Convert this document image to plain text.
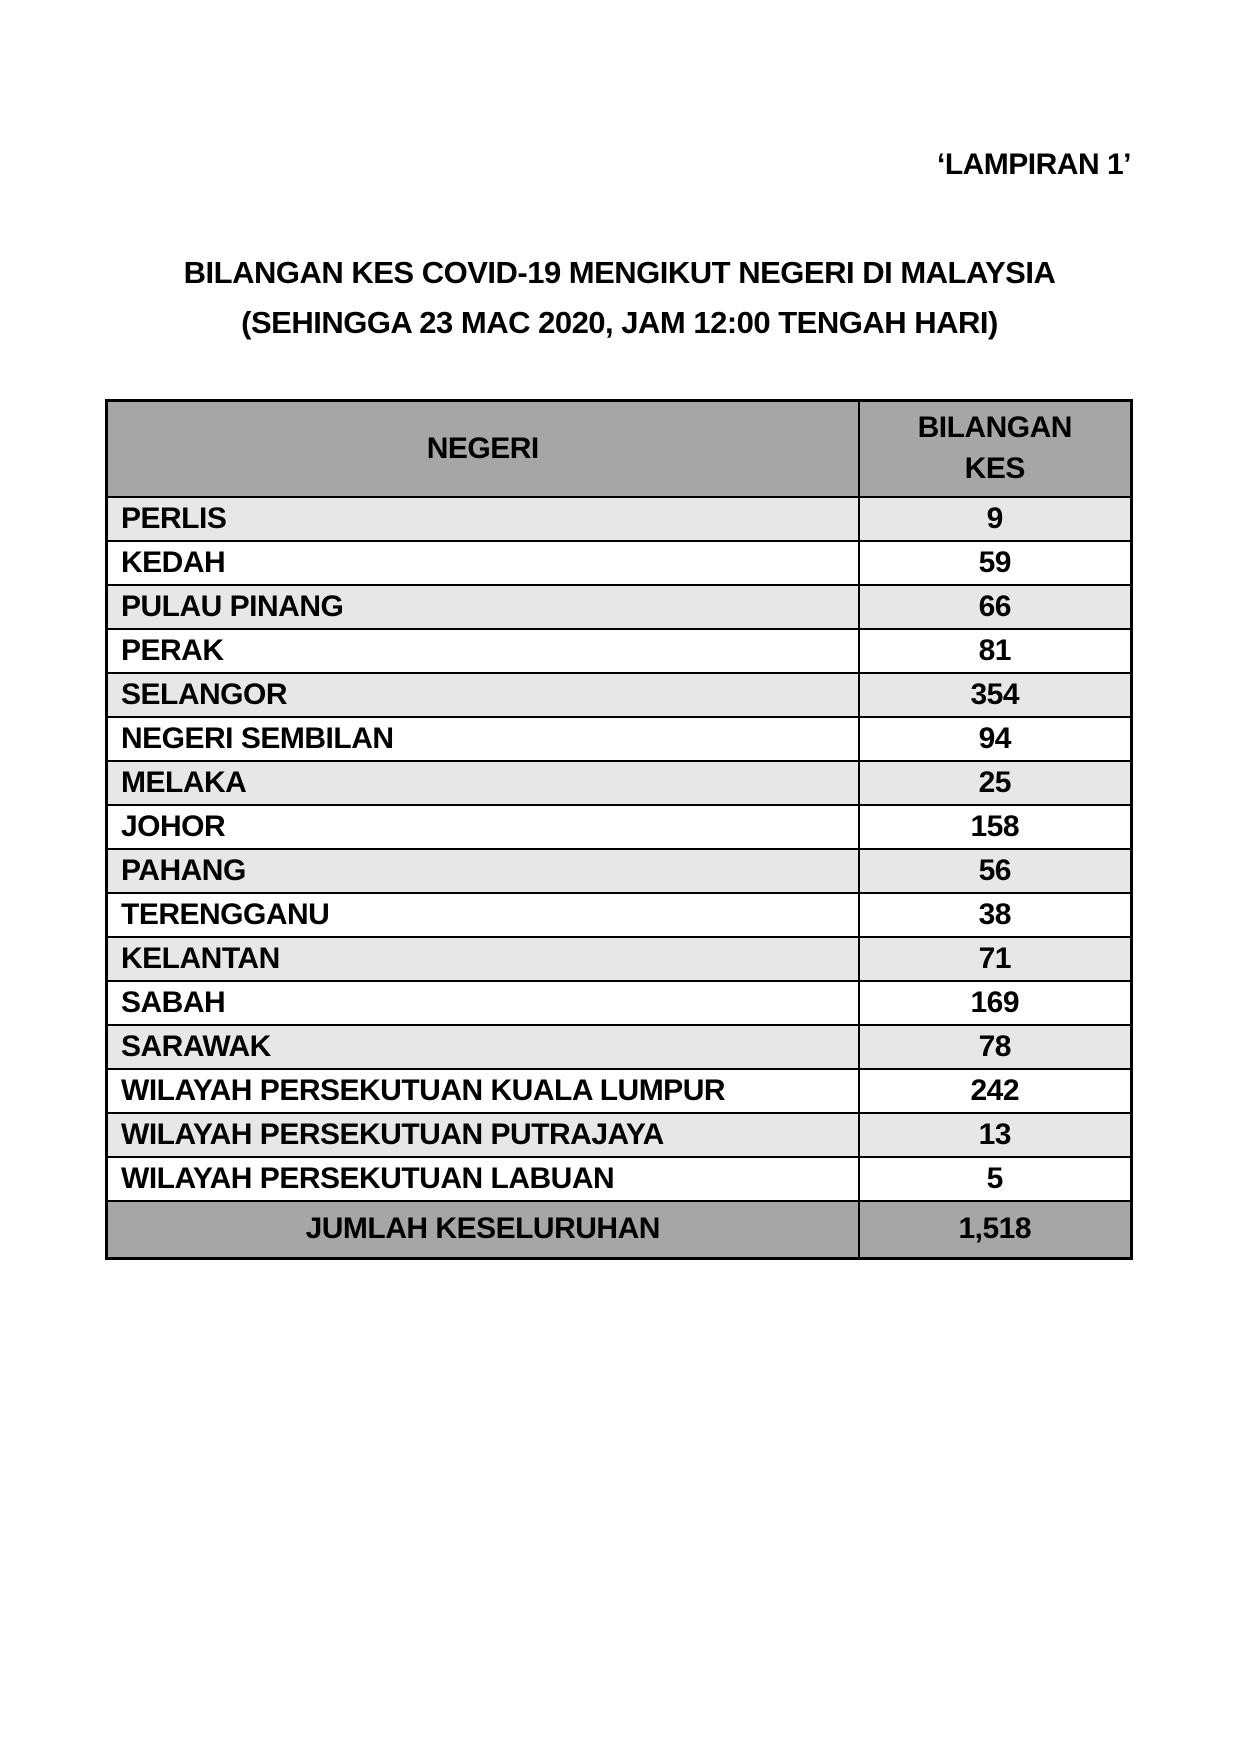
‘LAMPIRAN 1’
BILANGAN KES COVID-19 MENGIKUT NEGERI DI MALAYSIA
(SEHINGGA 23 MAC 2020, JAM 12:00 TENGAH HARI)
NEGERI	BILANGAN
KES
PERLIS	9
KEDAH	59
PULAU PINANG	66
PERAK	81
SELANGOR	354
NEGERI SEMBILAN	94
MELAKA	25
JOHOR	158
PAHANG	56
TERENGGANU	38
KELANTAN	71
SABAH	169
SARAWAK	78
WILAYAH PERSEKUTUAN KUALA LUMPUR	242
WILAYAH PERSEKUTUAN PUTRAJAYA	13
WILAYAH PERSEKUTUAN LABUAN	5
JUMLAH KESELURUHAN	1,518
